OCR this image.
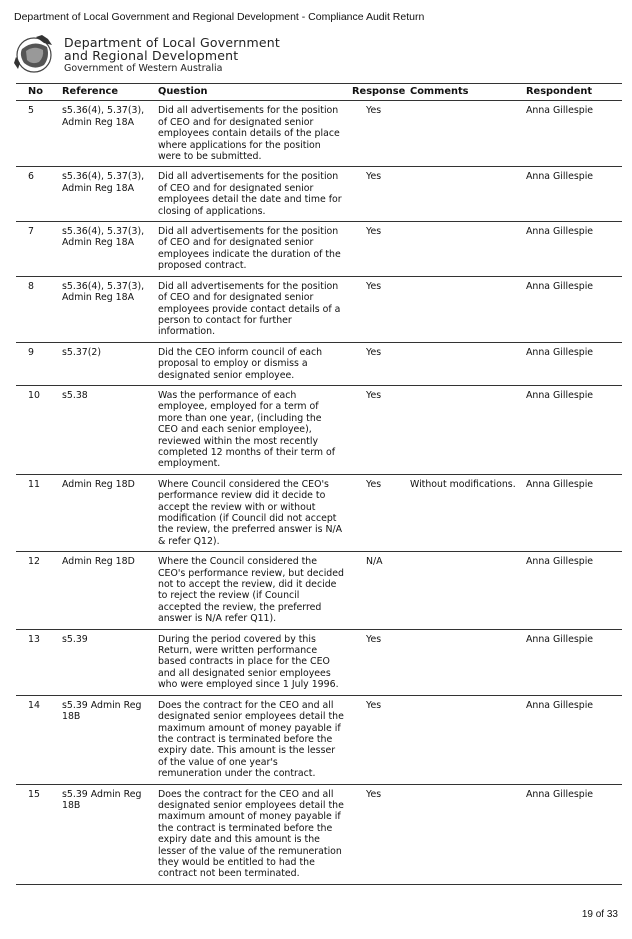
Department of Local Government and Regional Development - Compliance Audit Return
Department of Local Government
and Regional Development
Government of Western Australia
No	Reference	Question	Response	Comments	Respondent
5	s5.36(4), 5.37(3), Admin Reg 18A	Did all advertisements for the position of CEO and for designated senior employees contain details of the place where applications for the position were to be submitted.	Yes		Anna Gillespie
6	s5.36(4), 5.37(3), Admin Reg 18A	Did all advertisements for the position of CEO and for designated senior employees detail the date and time for closing of applications.	Yes		Anna Gillespie
7	s5.36(4), 5.37(3), Admin Reg 18A	Did all advertisements for the position of CEO and for designated senior employees indicate the duration of the proposed contract.	Yes		Anna Gillespie
8	s5.36(4), 5.37(3), Admin Reg 18A	Did all advertisements for the position of CEO and for designated senior employees provide contact details of a person to contact for further information.	Yes		Anna Gillespie
9	s5.37(2)	Did the CEO inform council of each proposal to employ or dismiss a designated senior employee.	Yes		Anna Gillespie
10	s5.38	Was the performance of each employee, employed for a term of more than one year, (including the CEO and each senior employee), reviewed within the most recently completed 12 months of their term of employment.	Yes		Anna Gillespie
11	Admin Reg 18D	Where Council considered the CEO's performance review did it decide to accept the review with or without modification (if Council did not accept the review, the preferred answer is N/A & refer Q12).	Yes	Without modifications.	Anna Gillespie
12	Admin Reg 18D	Where the Council considered the CEO's performance review, but decided not to accept the review, did it decide to reject the review (if Council accepted the review, the preferred answer is N/A refer Q11).	N/A		Anna Gillespie
13	s5.39	During the period covered by this Return, were written performance based contracts in place for the CEO and all designated senior employees who were employed since 1 July 1996.	Yes		Anna Gillespie
14	s5.39 Admin Reg 18B	Does the contract for the CEO and all designated senior employees detail the maximum amount of money payable if the contract is terminated before the expiry date. This amount is the lesser of the value of one year's remuneration under the contract.	Yes		Anna Gillespie
15	s5.39 Admin Reg 18B	Does the contract for the CEO and all designated senior employees detail the maximum amount of money payable if the contract is terminated before the expiry date and this amount is the lesser of the value of the remuneration they would be entitled to had the contract not been terminated.	Yes		Anna Gillespie
19 of 33
